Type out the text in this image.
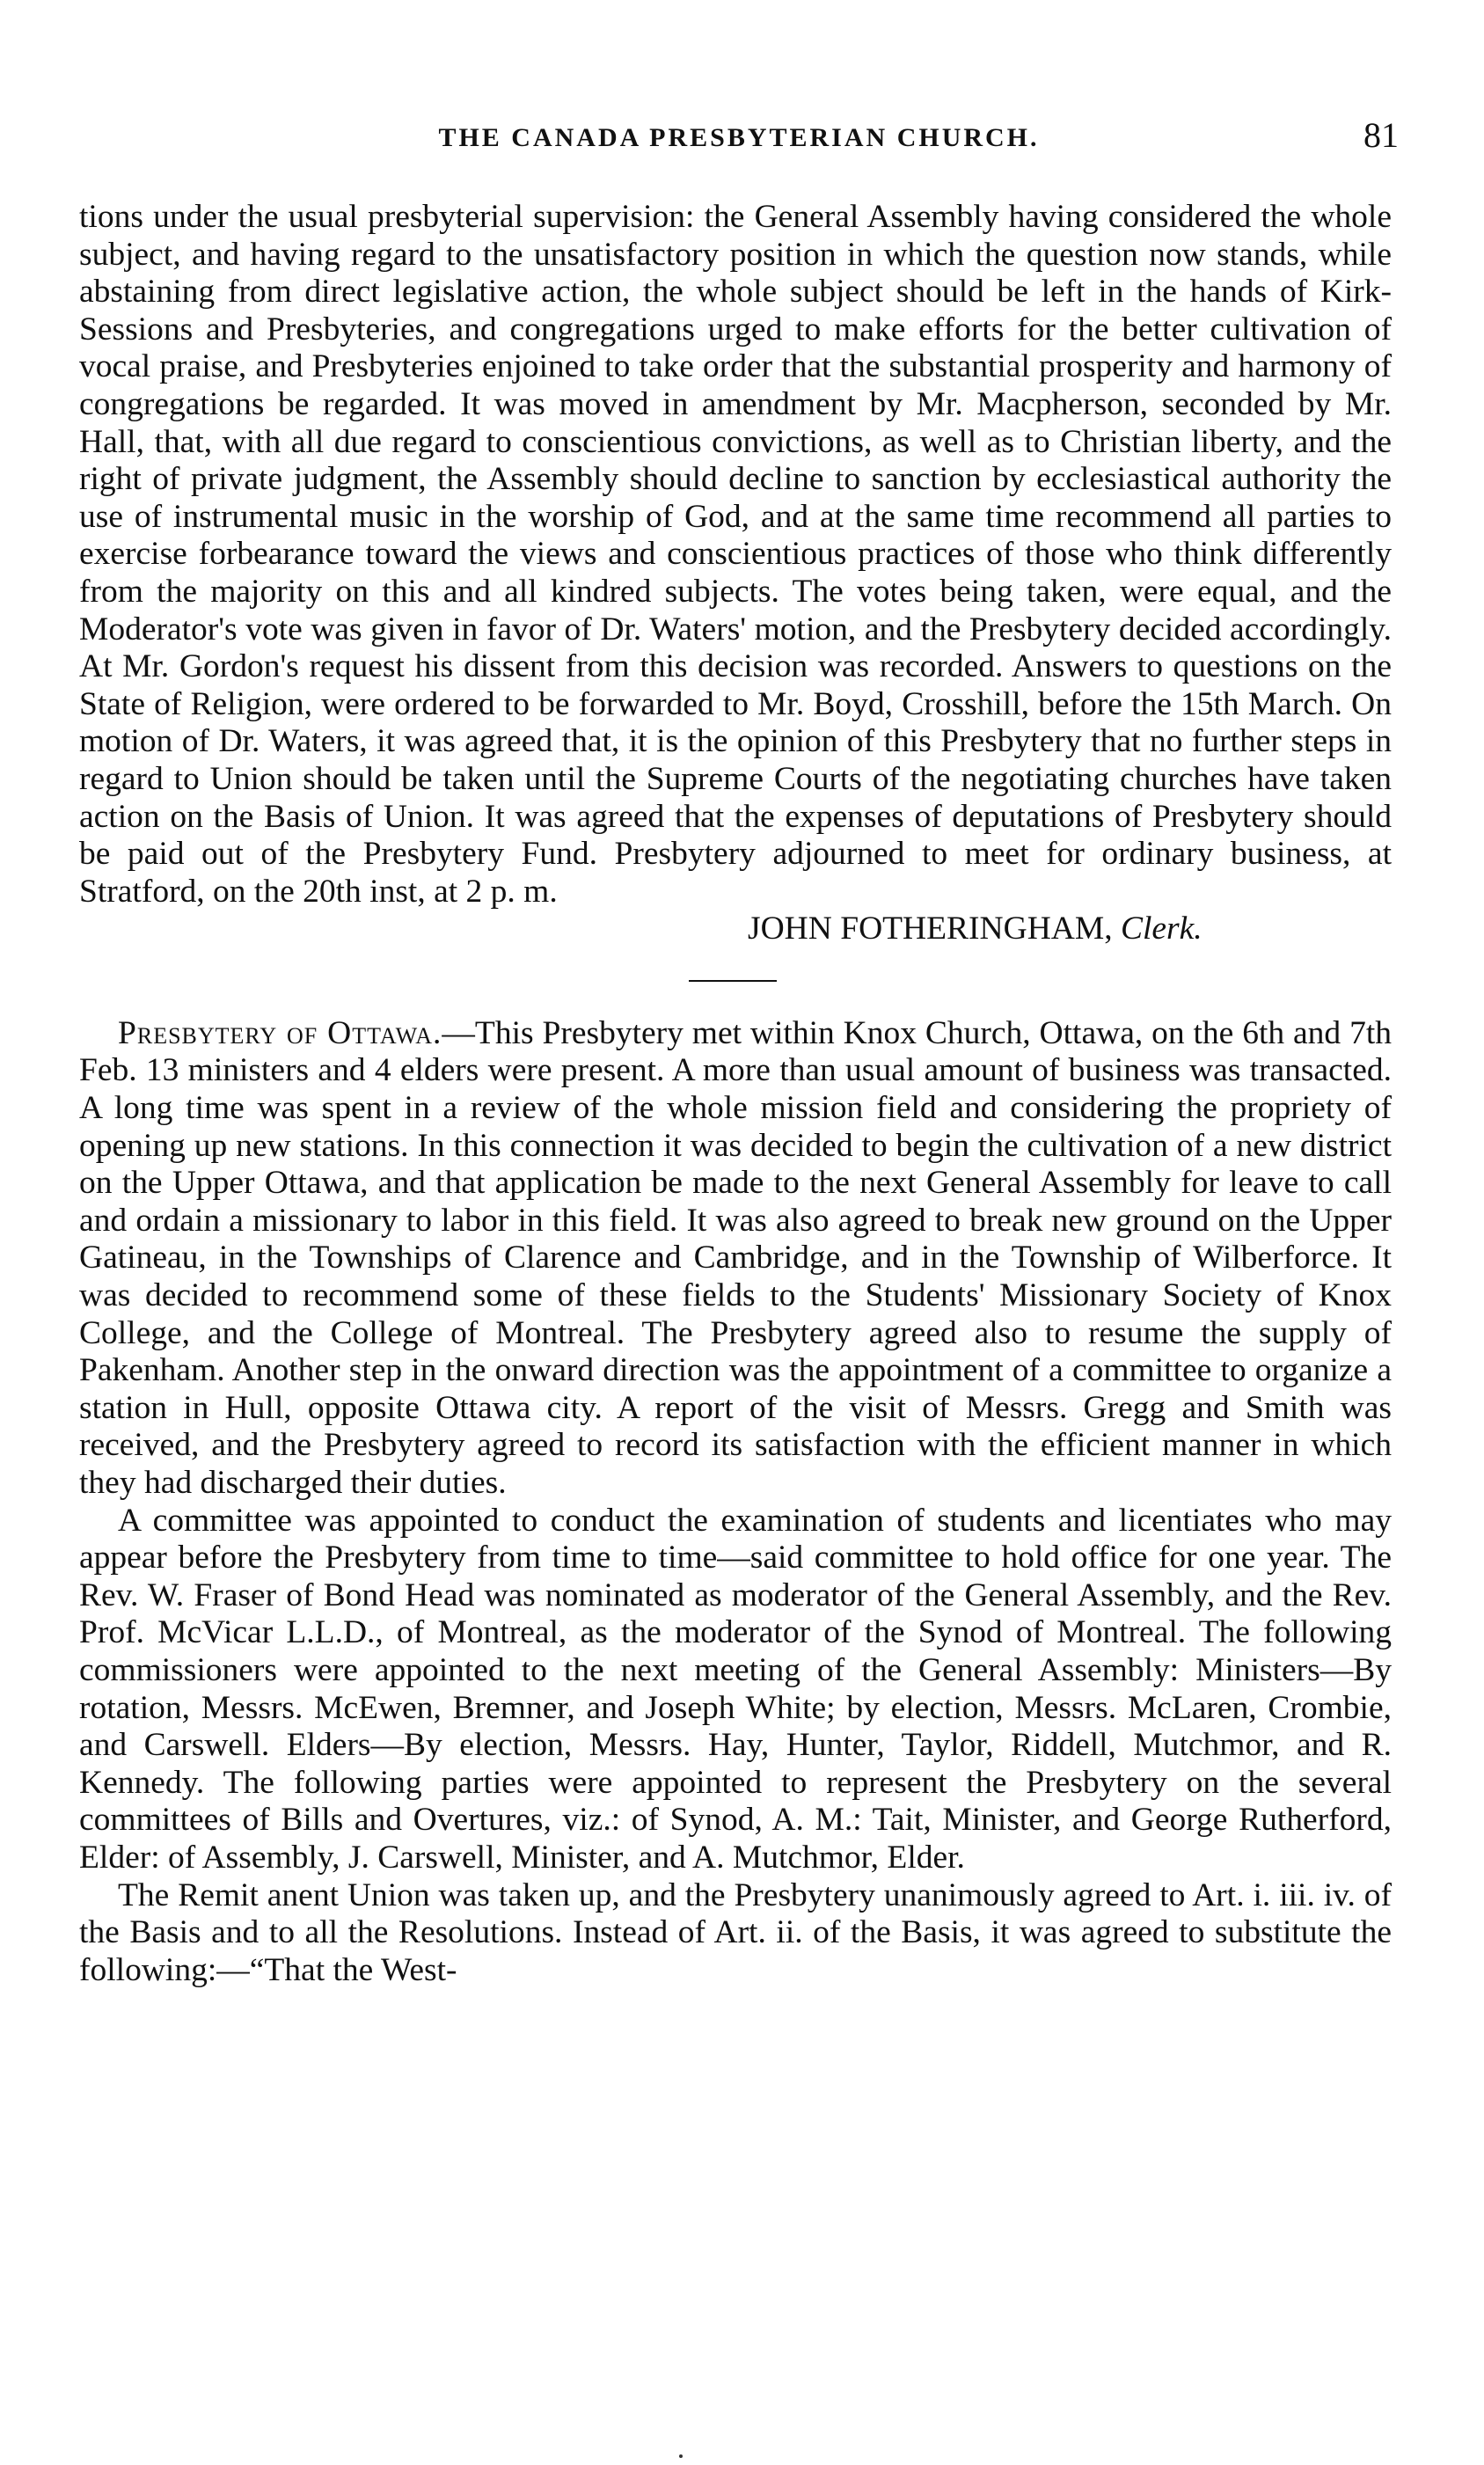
THE CANADA PRESBYTERIAN CHURCH.	81

tions under the usual presbyterial supervision: the General Assembly having considered the whole subject, and having regard to the unsatisfactory position in which the question now stands, while abstaining from direct legislative action, the whole subject should be left in the hands of Kirk-Sessions and Presbyteries, and congregations urged to make efforts for the better cultivation of vocal praise, and Presbyteries enjoined to take order that the substantial prosperity and harmony of congregations be regarded. It was moved in amendment by Mr. Macpherson, seconded by Mr. Hall, that, with all due regard to conscientious convictions, as well as to Christian liberty, and the right of private judgment, the Assembly should decline to sanction by ecclesiastical authority the use of instrumental music in the worship of God, and at the same time recommend all parties to exercise forbearance toward the views and conscientious practices of those who think differently from the majority on this and all kindred subjects. The votes being taken, were equal, and the Moderator's vote was given in favor of Dr. Waters' motion, and the Presbytery decided accordingly. At Mr. Gordon's request his dissent from this decision was recorded. Answers to questions on the State of Religion, were ordered to be forwarded to Mr. Boyd, Crosshill, before the 15th March. On motion of Dr. Waters, it was agreed that, it is the opinion of this Presbytery that no further steps in regard to Union should be taken until the Supreme Courts of the negotiating churches have taken action on the Basis of Union. It was agreed that the expenses of deputations of Presbytery should be paid out of the Presbytery Fund. Presbytery adjourned to meet for ordinary business, at Stratford, on the 20th inst, at 2 p. m.

JOHN FOTHERINGHAM, Clerk.

Presbytery of Ottawa.—This Presbytery met within Knox Church, Ottawa, on the 6th and 7th Feb. 13 ministers and 4 elders were present. A more than usual amount of business was transacted. A long time was spent in a review of the whole mission field and considering the propriety of opening up new stations. In this connection it was decided to begin the cultivation of a new district on the Upper Ottawa, and that application be made to the next General Assembly for leave to call and ordain a missionary to labor in this field. It was also agreed to break new ground on the Upper Gatineau, in the Townships of Clarence and Cambridge, and in the Township of Wilberforce. It was decided to recommend some of these fields to the Students' Missionary Society of Knox College, and the College of Montreal. The Presbytery agreed also to resume the supply of Pakenham. Another step in the onward direction was the appointment of a committee to organize a station in Hull, opposite Ottawa city. A report of the visit of Messrs. Gregg and Smith was received, and the Presbytery agreed to record its satisfaction with the efficient manner in which they had discharged their duties.

A committee was appointed to conduct the examination of students and licentiates who may appear before the Presbytery from time to time—said committee to hold office for one year. The Rev. W. Fraser of Bond Head was nominated as moderator of the General Assembly, and the Rev. Prof. McVicar L.L.D., of Montreal, as the moderator of the Synod of Montreal. The following commissioners were appointed to the next meeting of the General Assembly: Ministers—By rotation, Messrs. McEwen, Bremner, and Joseph White; by election, Messrs. McLaren, Crombie, and Carswell. Elders—By election, Messrs. Hay, Hunter, Taylor, Riddell, Mutchmor, and R. Kennedy. The following parties were appointed to represent the Presbytery on the several committees of Bills and Overtures, viz.: of Synod, A. M.: Tait, Minister, and George Rutherford, Elder: of Assembly, J. Carswell, Minister, and A. Mutchmor, Elder.

The Remit anent Union was taken up, and the Presbytery unanimously agreed to Art. i. iii. iv. of the Basis and to all the Resolutions. Instead of Art. ii. of the Basis, it was agreed to substitute the following:—“That the West-
